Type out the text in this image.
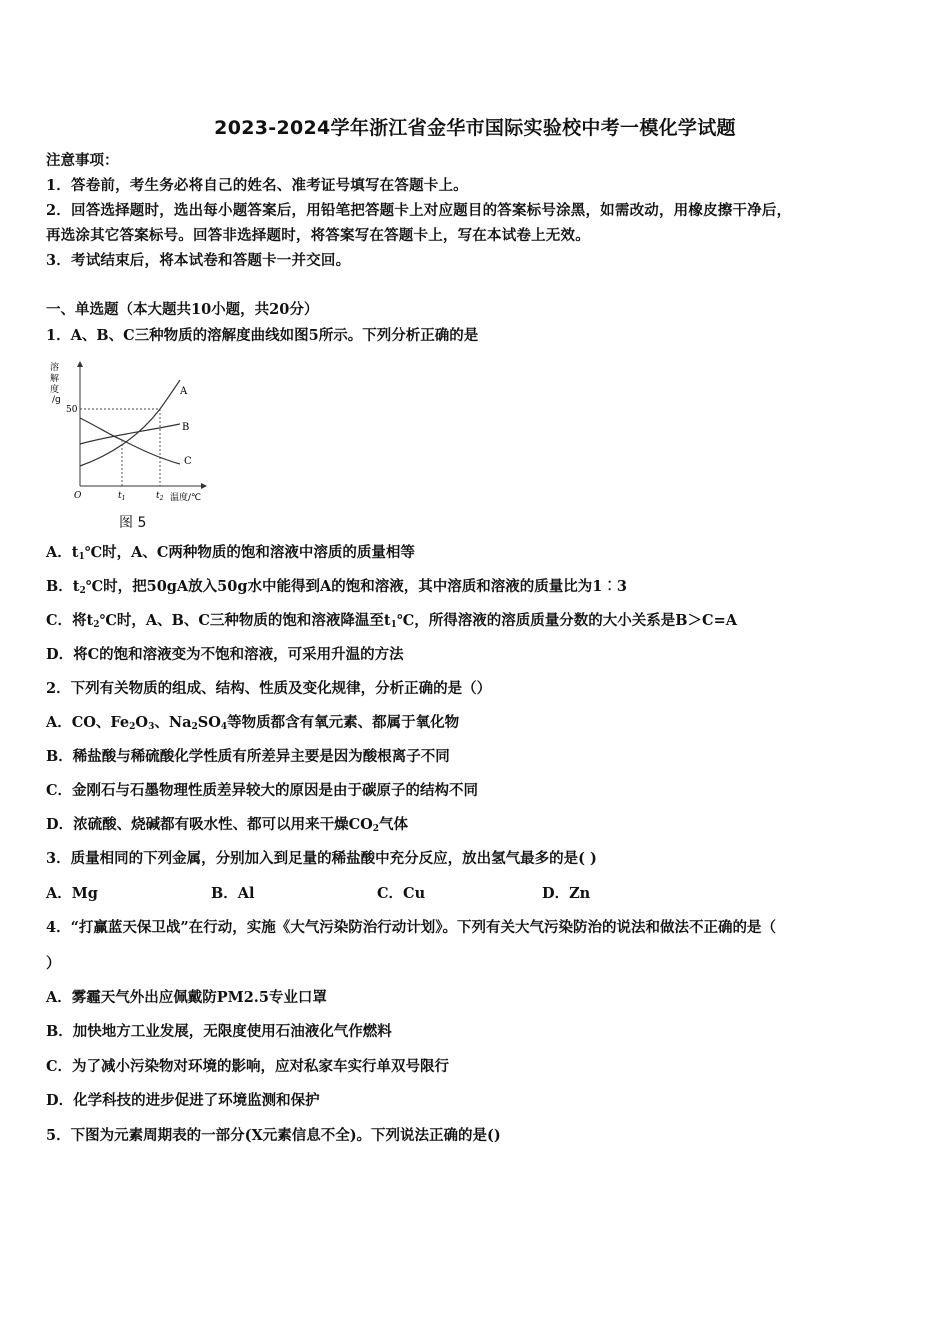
2023-2024学年浙江省金华市国际实验校中考一模化学试题
注意事项：
1．答卷前，考生务必将自己的姓名、准考证号填写在答题卡上。
2．回答选择题时，选出每小题答案后，用铅笔把答题卡上对应题目的答案标号涂黑，如需改动，用橡皮擦干净后，
再选涂其它答案标号。回答非选择题时，将答案写在答题卡上，写在本试卷上无效。
3．考试结束后，将本试卷和答题卡一并交回。
一、单选题（本大题共10小题，共20分）
1．A、B、C三种物质的溶解度曲线如图5所示。下列分析正确的是
溶
解
度
/g
50
O	$t_1$	$t_2$ 温度/℃
A
B
C
图 5
A．$t_1℃$时，A、C两种物质的饱和溶液中溶质的质量相等
B．$t_2℃$时，把50gA放入50g水中能得到A的饱和溶液，其中溶质和溶液的质量比为1︰3
C．将$t_2℃$时，A、B、C三种物质的饱和溶液降温至$t_1℃$，所得溶液的溶质质量分数的大小关系是B＞C=A
D．将C的饱和溶液变为不饱和溶液，可采用升温的方法
2．下列有关物质的组成、结构、性质及变化规律，分析正确的是（）
A．CO、$Fe_2O_3$、$Na_2SO_4$等物质都含有氧元素、都属于氧化物
B．稀盐酸与稀硫酸化学性质有所差异主要是因为酸根离子不同
C．金刚石与石墨物理性质差异较大的原因是由于碳原子的结构不同
D．浓硫酸、烧碱都有吸水性、都可以用来干燥$CO_2$气体
3．质量相同的下列金属，分别加入到足量的稀盐酸中充分反应，放出氢气最多的是( )
A．Mg	B．Al	C．Cu	D．Zn
4．“打赢蓝天保卫战”在行动，实施《大气污染防治行动计划》。下列有关大气污染防治的说法和做法不正确的是（
）
A．雾霾天气外出应佩戴防PM2.5专业口罩
B．加快地方工业发展，无限度使用石油液化气作燃料
C．为了减小污染物对环境的影响，应对私家车实行单双号限行
D．化学科技的进步促进了环境监测和保护
5．下图为元素周期表的一部分(X元素信息不全)。下列说法正确的是()
